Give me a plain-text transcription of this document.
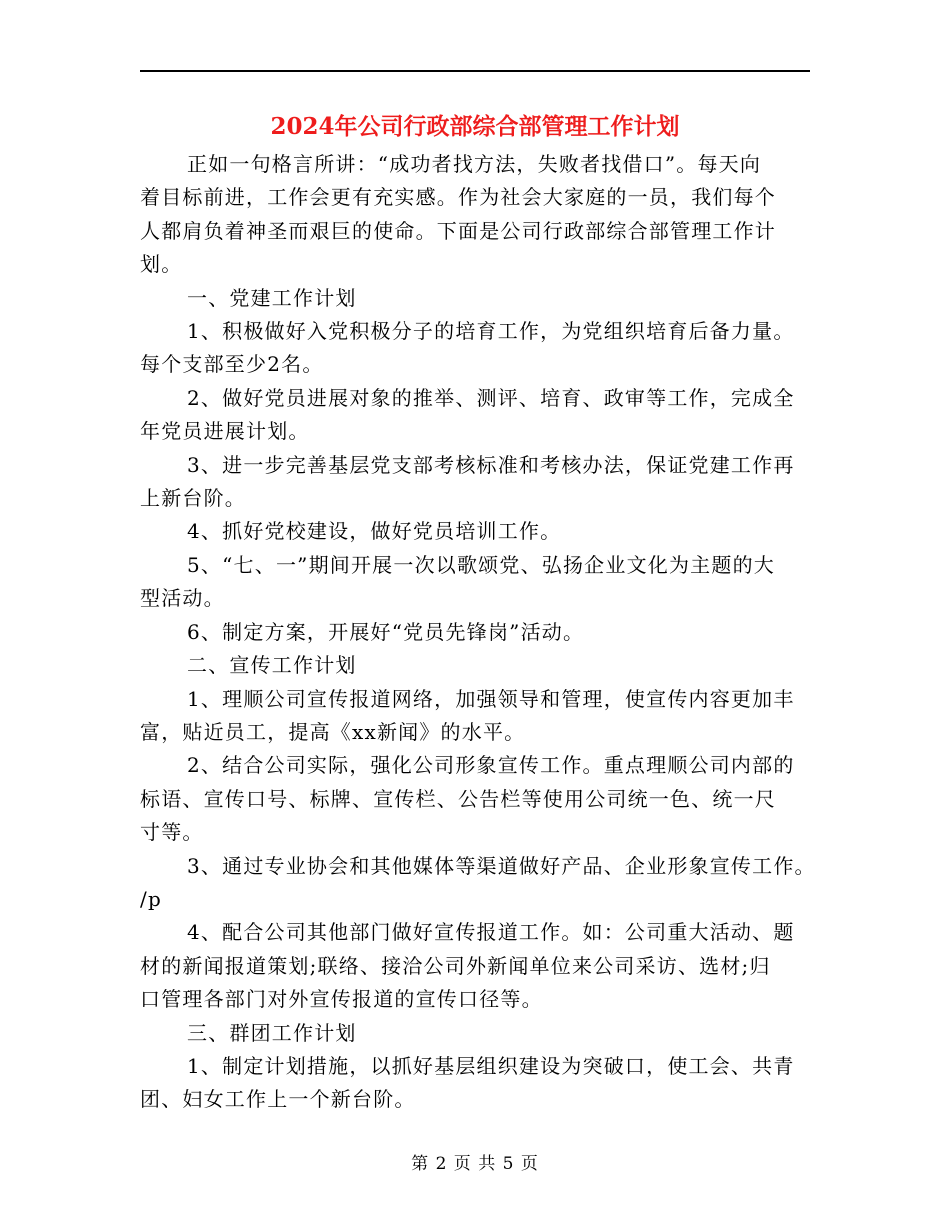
2024年公司行政部综合部管理工作计划

正如一句格言所讲：“成功者找方法，失败者找借口”。每天向
着目标前进，工作会更有充实感。作为社会大家庭的一员，我们每个
人都肩负着神圣而艰巨的使命。下面是公司行政部综合部管理工作计
划。

一、党建工作计划

1、积极做好入党积极分子的培育工作，为党组织培育后备力量。
每个支部至少2名。

2、做好党员进展对象的推举、测评、培育、政审等工作，完成全
年党员进展计划。

3、进一步完善基层党支部考核标准和考核办法，保证党建工作再
上新台阶。

4、抓好党校建设，做好党员培训工作。

5、“七、一”期间开展一次以歌颂党、弘扬企业文化为主题的大
型活动。

6、制定方案，开展好“党员先锋岗”活动。

二、宣传工作计划

1、理顺公司宣传报道网络，加强领导和管理，使宣传内容更加丰
富，贴近员工，提高《xx新闻》的水平。

2、结合公司实际，强化公司形象宣传工作。重点理顺公司内部的
标语、宣传口号、标牌、宣传栏、公告栏等使用公司统一色、统一尺
寸等。

3、通过专业协会和其他媒体等渠道做好产品、企业形象宣传工作。
/p

4、配合公司其他部门做好宣传报道工作。如：公司重大活动、题
材的新闻报道策划;联络、接洽公司外新闻单位来公司采访、选材;归
口管理各部门对外宣传报道的宣传口径等。

三、群团工作计划

1、制定计划措施，以抓好基层组织建设为突破口，使工会、共青
团、妇女工作上一个新台阶。

第 2 页 共 5 页
